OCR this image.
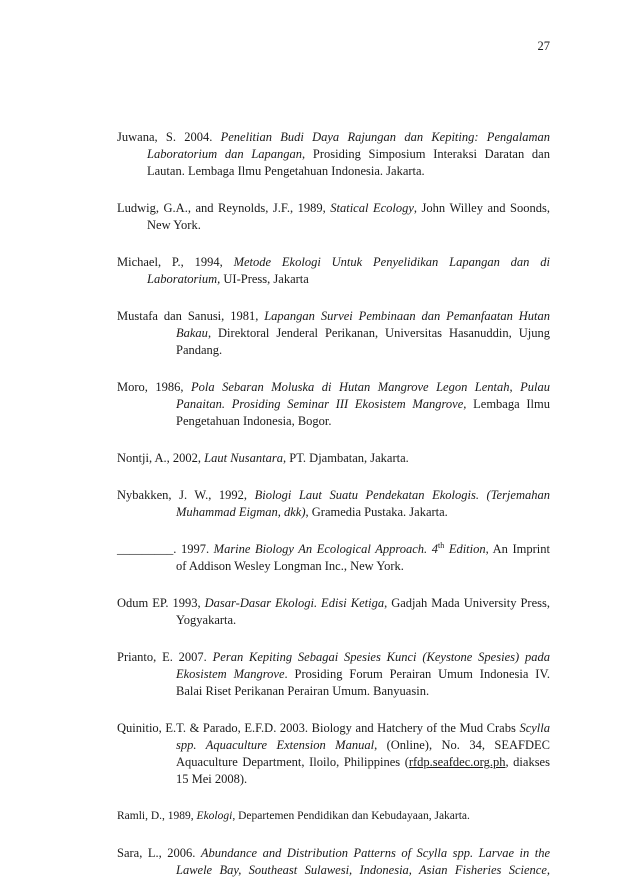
27
Juwana, S. 2004. Penelitian Budi Daya Rajungan dan Kepiting: Pengalaman
Laboratorium dan Lapangan, Prosiding Simposium Interaksi Daratan dan
Lautan. Lembaga Ilmu Pengetahuan Indonesia. Jakarta.
Ludwig, G.A., and Reynolds, J.F., 1989, Statical Ecology, John Willey and Soonds,
New York.
Michael, P., 1994, Metode Ekologi Untuk Penyelidikan Lapangan dan di
Laboratorium, UI-Press, Jakarta
Mustafa dan Sanusi, 1981, Lapangan Survei Pembinaan dan Pemanfaatan Hutan
Bakau, Direktoral Jenderal Perikanan, Universitas Hasanuddin, Ujung
Pandang.
Moro, 1986, Pola Sebaran Moluska di Hutan Mangrove Legon Lentah, Pulau
Panaitan. Prosiding Seminar III Ekosistem Mangrove, Lembaga Ilmu
Pengetahuan Indonesia, Bogor.
Nontji, A., 2002, Laut Nusantara, PT. Djambatan, Jakarta.
Nybakken, J. W., 1992, Biologi Laut Suatu Pendekatan Ekologis. (Terjemahan
Muhammad Eigman, dkk), Gramedia Pustaka. Jakarta.
_________. 1997. Marine Biology An Ecological Approach. 4th Edition, An Imprint
of Addison Wesley Longman Inc., New York.
Odum EP. 1993, Dasar-Dasar Ekologi. Edisi Ketiga, Gadjah Mada University Press,
Yogyakarta.
Prianto, E. 2007. Peran Kepiting Sebagai Spesies Kunci (Keystone Spesies) pada
Ekosistem Mangrove. Prosiding Forum Perairan Umum Indonesia IV.
Balai Riset Perikanan Perairan Umum. Banyuasin.
Quinitio, E.T. & Parado, E.F.D. 2003. Biology and Hatchery of the Mud Crabs Scylla
spp. Aquaculture Extension Manual, (Online), No. 34, SEAFDEC
Aquaculture Department, Iloilo, Philippines (rfdp.seafdec.org.ph, diakses
15 Mei 2008).
Ramli, D., 1989, Ekologi, Departemen Pendidikan dan Kebudayaan, Jakarta.
Sara, L., 2006. Abundance and Distribution Patterns of Scylla spp. Larvae in the
Lawele Bay, Southeast Sulawesi, Indonesia, Asian Fisheries Science,
